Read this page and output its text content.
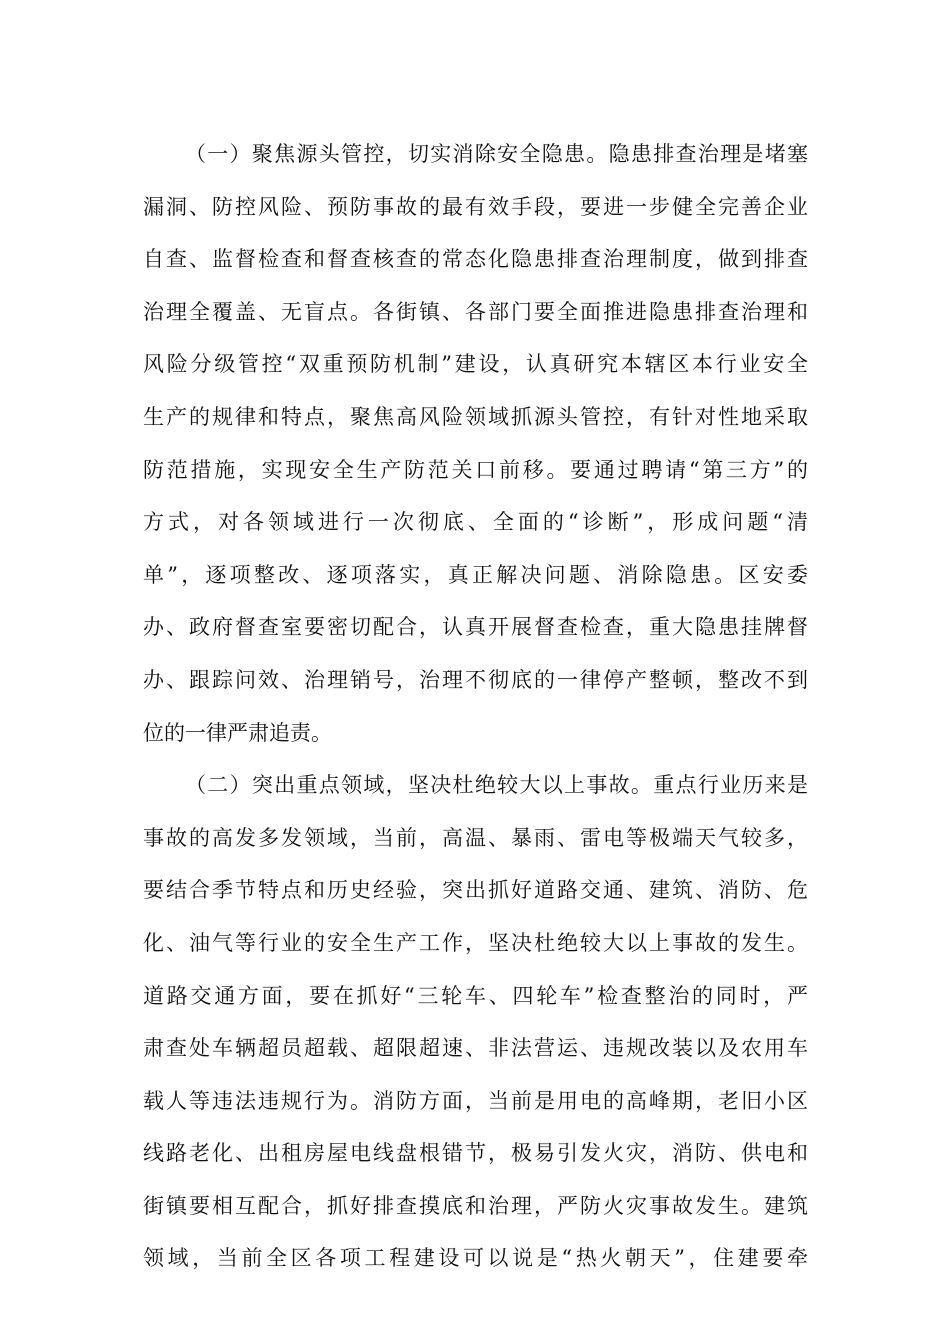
（一）聚焦源头管控，切实消除安全隐患。隐患排查治理是堵塞
漏洞、防控风险、预防事故的最有效手段，要进一步健全完善企业
自查、监督检查和督查核查的常态化隐患排查治理制度，做到排查
治理全覆盖、无盲点。各街镇、各部门要全面推进隐患排查治理和
风险分级管控“双重预防机制”建设，认真研究本辖区本行业安全
生产的规律和特点，聚焦高风险领域抓源头管控，有针对性地采取
防范措施，实现安全生产防范关口前移。要通过聘请“第三方”的
方式，对各领域进行一次彻底、全面的“诊断”，形成问题“清
单”，逐项整改、逐项落实，真正解决问题、消除隐患。区安委
办、政府督查室要密切配合，认真开展督查检查，重大隐患挂牌督
办、跟踪问效、治理销号，治理不彻底的一律停产整顿，整改不到
位的一律严肃追责。
（二）突出重点领域，坚决杜绝较大以上事故。重点行业历来是
事故的高发多发领域，当前，高温、暴雨、雷电等极端天气较多，
要结合季节特点和历史经验，突出抓好道路交通、建筑、消防、危
化、油气等行业的安全生产工作，坚决杜绝较大以上事故的发生。
道路交通方面，要在抓好“三轮车、四轮车”检查整治的同时，严
肃查处车辆超员超载、超限超速、非法营运、违规改装以及农用车
载人等违法违规行为。消防方面，当前是用电的高峰期，老旧小区
线路老化、出租房屋电线盘根错节，极易引发火灾，消防、供电和
街镇要相互配合，抓好排查摸底和治理，严防火灾事故发生。建筑
领域，当前全区各项工程建设可以说是“热火朝天”，住建要牵
